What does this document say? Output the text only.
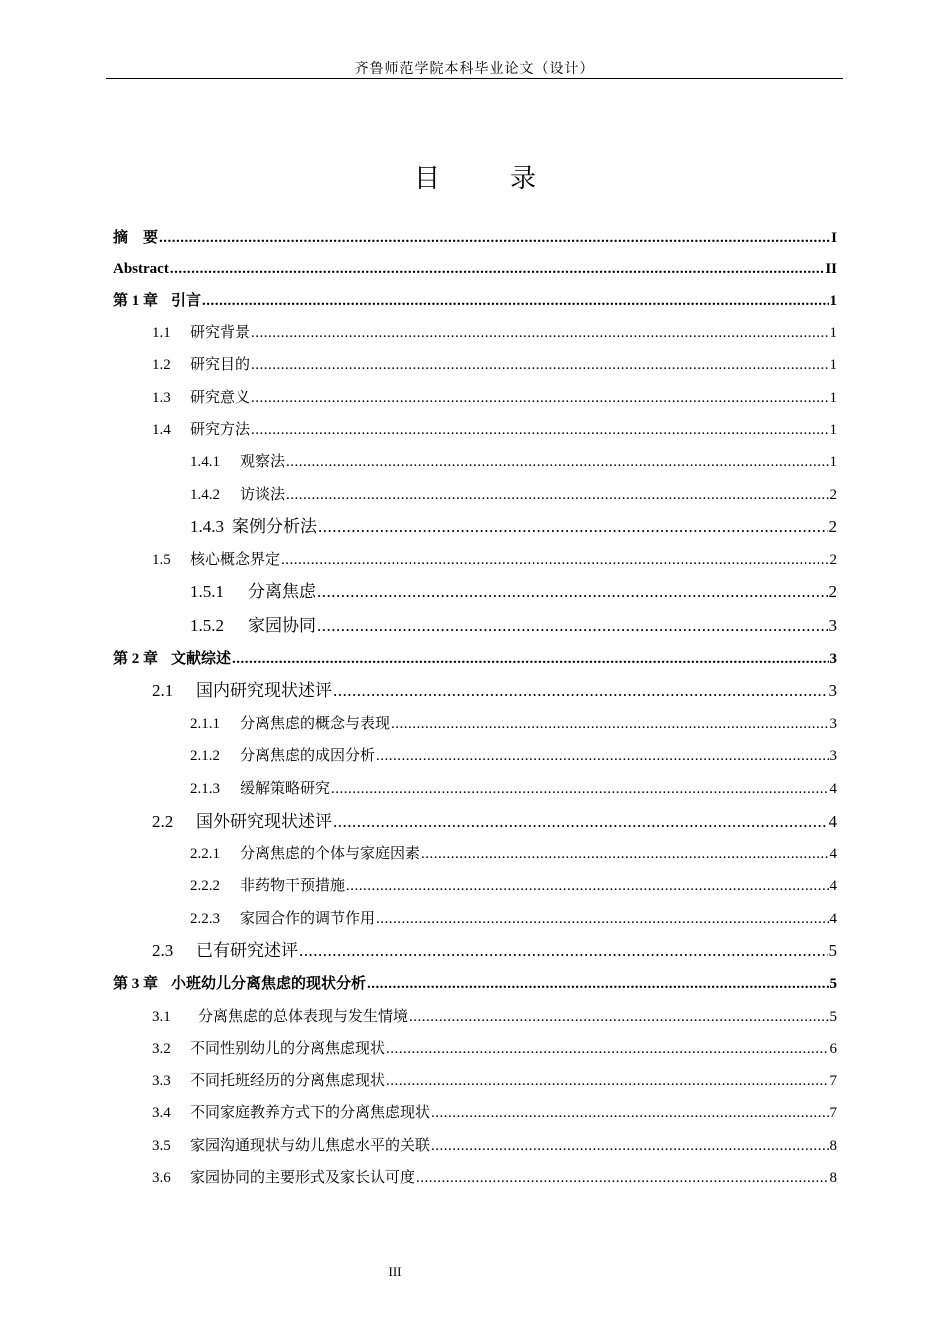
齐鲁师范学院本科毕业论文（设计）
目　录
摘　要 .....	I
Abstract .....	II
第 1 章 引言 .....	1
1.1	研究背景 .....	1
1.2	研究目的 .....	1
1.3	研究意义 .....	1
1.4	研究方法 .....	1
1.4.1	观察法 .....	1
1.4.2	访谈法 .....	2
1.4.3 案例分析法 .....	2
1.5	核心概念界定 .....	2
1.5.1	分离焦虑 .....	2
1.5.2	家园协同 .....	3
第 2 章 文献综述 .....	3
2.1	国内研究现状述评 .....	3
2.1.1	分离焦虑的概念与表现 .....	3
2.1.2	分离焦虑的成因分析 .....	3
2.1.3	缓解策略研究 .....	4
2.2	国外研究现状述评 .....	4
2.2.1	分离焦虑的个体与家庭因素 .....	4
2.2.2	非药物干预措施 .....	4
2.2.3	家园合作的调节作用 .....	4
2.3	已有研究述评 .....	5
第 3 章 小班幼儿分离焦虑的现状分析 .....	5
3.1	分离焦虑的总体表现与发生情境 .....	5
3.2	不同性别幼儿的分离焦虑现状 .....	6
3.3	不同托班经历的分离焦虑现状 .....	7
3.4	不同家庭教养方式下的分离焦虑现状 .....	7
3.5	家园沟通现状与幼儿焦虑水平的关联 .....	8
3.6	家园协同的主要形式及家长认可度 .....	8
III
